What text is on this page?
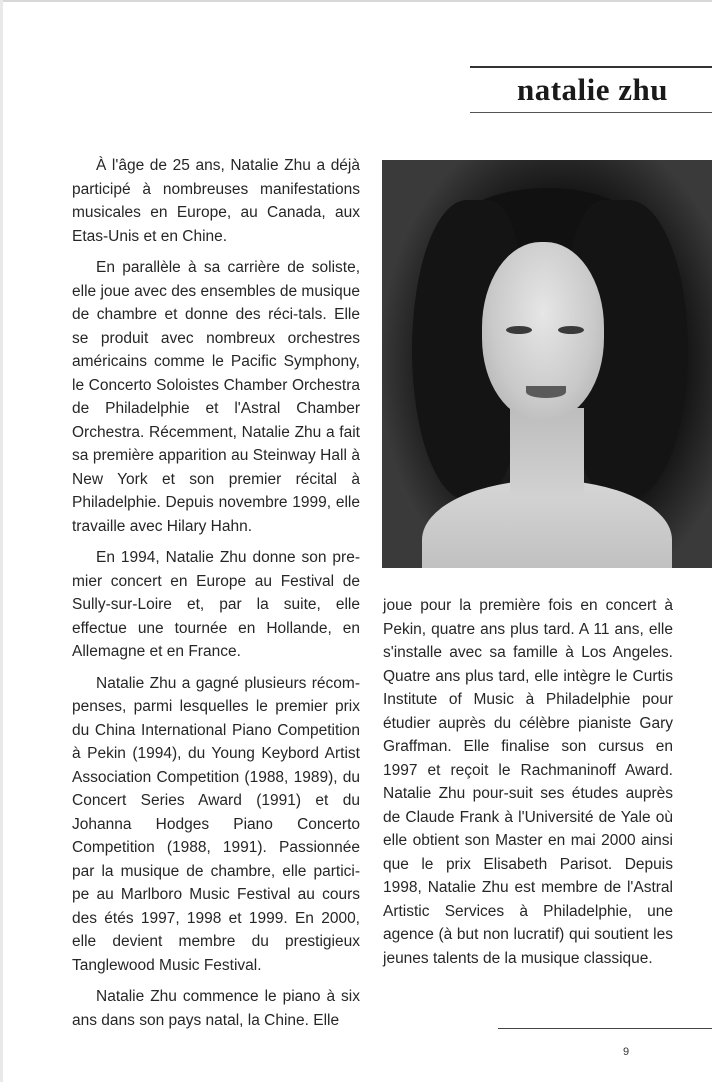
natalie zhu

À l'âge de 25 ans, Natalie Zhu a déjà participé à nombreuses manifestations musicales en Europe, au Canada, aux Etas-Unis et en Chine.

En parallèle à sa carrière de soliste, elle joue avec des ensembles de musique de chambre et donne des réci-tals. Elle se produit avec nombreux orchestres américains comme le Pacific Symphony, le Concerto Soloistes Chamber Orchestra de Philadelphie et l'Astral Chamber Orchestra. Récemment, Natalie Zhu a fait sa première apparition au Steinway Hall à New York et son premier récital à Philadelphie. Depuis novembre 1999, elle travaille avec Hilary Hahn.

En 1994, Natalie Zhu donne son pre-mier concert en Europe au Festival de Sully-sur-Loire et, par la suite, elle effectue une tournée en Hollande, en Allemagne et en France.

Natalie Zhu a gagné plusieurs récom-penses, parmi lesquelles le premier prix du China International Piano Competition à Pekin (1994), du Young Keybord Artist Association Competition (1988, 1989), du Concert Series Award (1991) et du Johanna Hodges Piano Concerto Competition (1988, 1991). Passionnée par la musique de chambre, elle partici-pe au Marlboro Music Festival au cours des étés 1997, 1998 et 1999. En 2000, elle devient membre du prestigieux Tanglewood Music Festival.

Natalie Zhu commence le piano à six ans dans son pays natal, la Chine. Elle

joue pour la première fois en concert à Pekin, quatre ans plus tard. A 11 ans, elle s'installe avec sa famille à Los Angeles. Quatre ans plus tard, elle intègre le Curtis Institute of Music à Philadelphie pour étudier auprès du célèbre pianiste Gary Graffman. Elle finalise son cursus en 1997 et reçoit le Rachmaninoff Award. Natalie Zhu pour-suit ses études auprès de Claude Frank à l'Université de Yale où elle obtient son Master en mai 2000 ainsi que le prix Elisabeth Parisot. Depuis 1998, Natalie Zhu est membre de l'Astral Artistic Services à Philadelphie, une agence (à but non lucratif) qui soutient les jeunes talents de la musique classique.

9
